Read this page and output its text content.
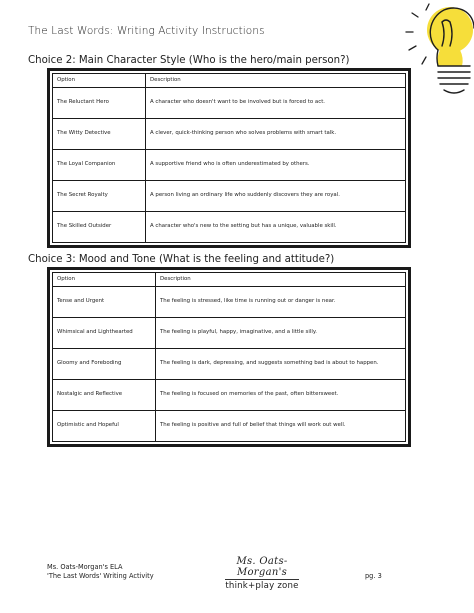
The Last Words: Writing Activity Instructions
Choice 2: Main Character Style (Who is the hero/main person?)
Option	Description
The Reluctant Hero	A character who doesn't want to be involved but is forced to act.
The Witty Detective	A clever, quick-thinking person who solves problems with smart talk.
The Loyal Companion	A supportive friend who is often underestimated by others.
The Secret Royalty	A person living an ordinary life who suddenly discovers they are royal.
The Skilled Outsider	A character who's new to the setting but has a unique, valuable skill.
Choice 3: Mood and Tone (What is the feeling and attitude?)
Option	Description
Tense and Urgent	The feeling is stressed, like time is running out or danger is near.
Whimsical and Lighthearted	The feeling is playful, happy, imaginative, and a little silly.
Gloomy and Foreboding	The feeling is dark, depressing, and suggests something bad is about to happen.
Nostalgic and Reflective	The feeling is focused on memories of the past, often bittersweet.
Optimistic and Hopeful	The feeling is positive and full of belief that things will work out well.
Ms. Oats-Morgan's ELA
'The Last Words' Writing Activity
Ms. Oats-Morgan's
think+play zone
pg. 3
